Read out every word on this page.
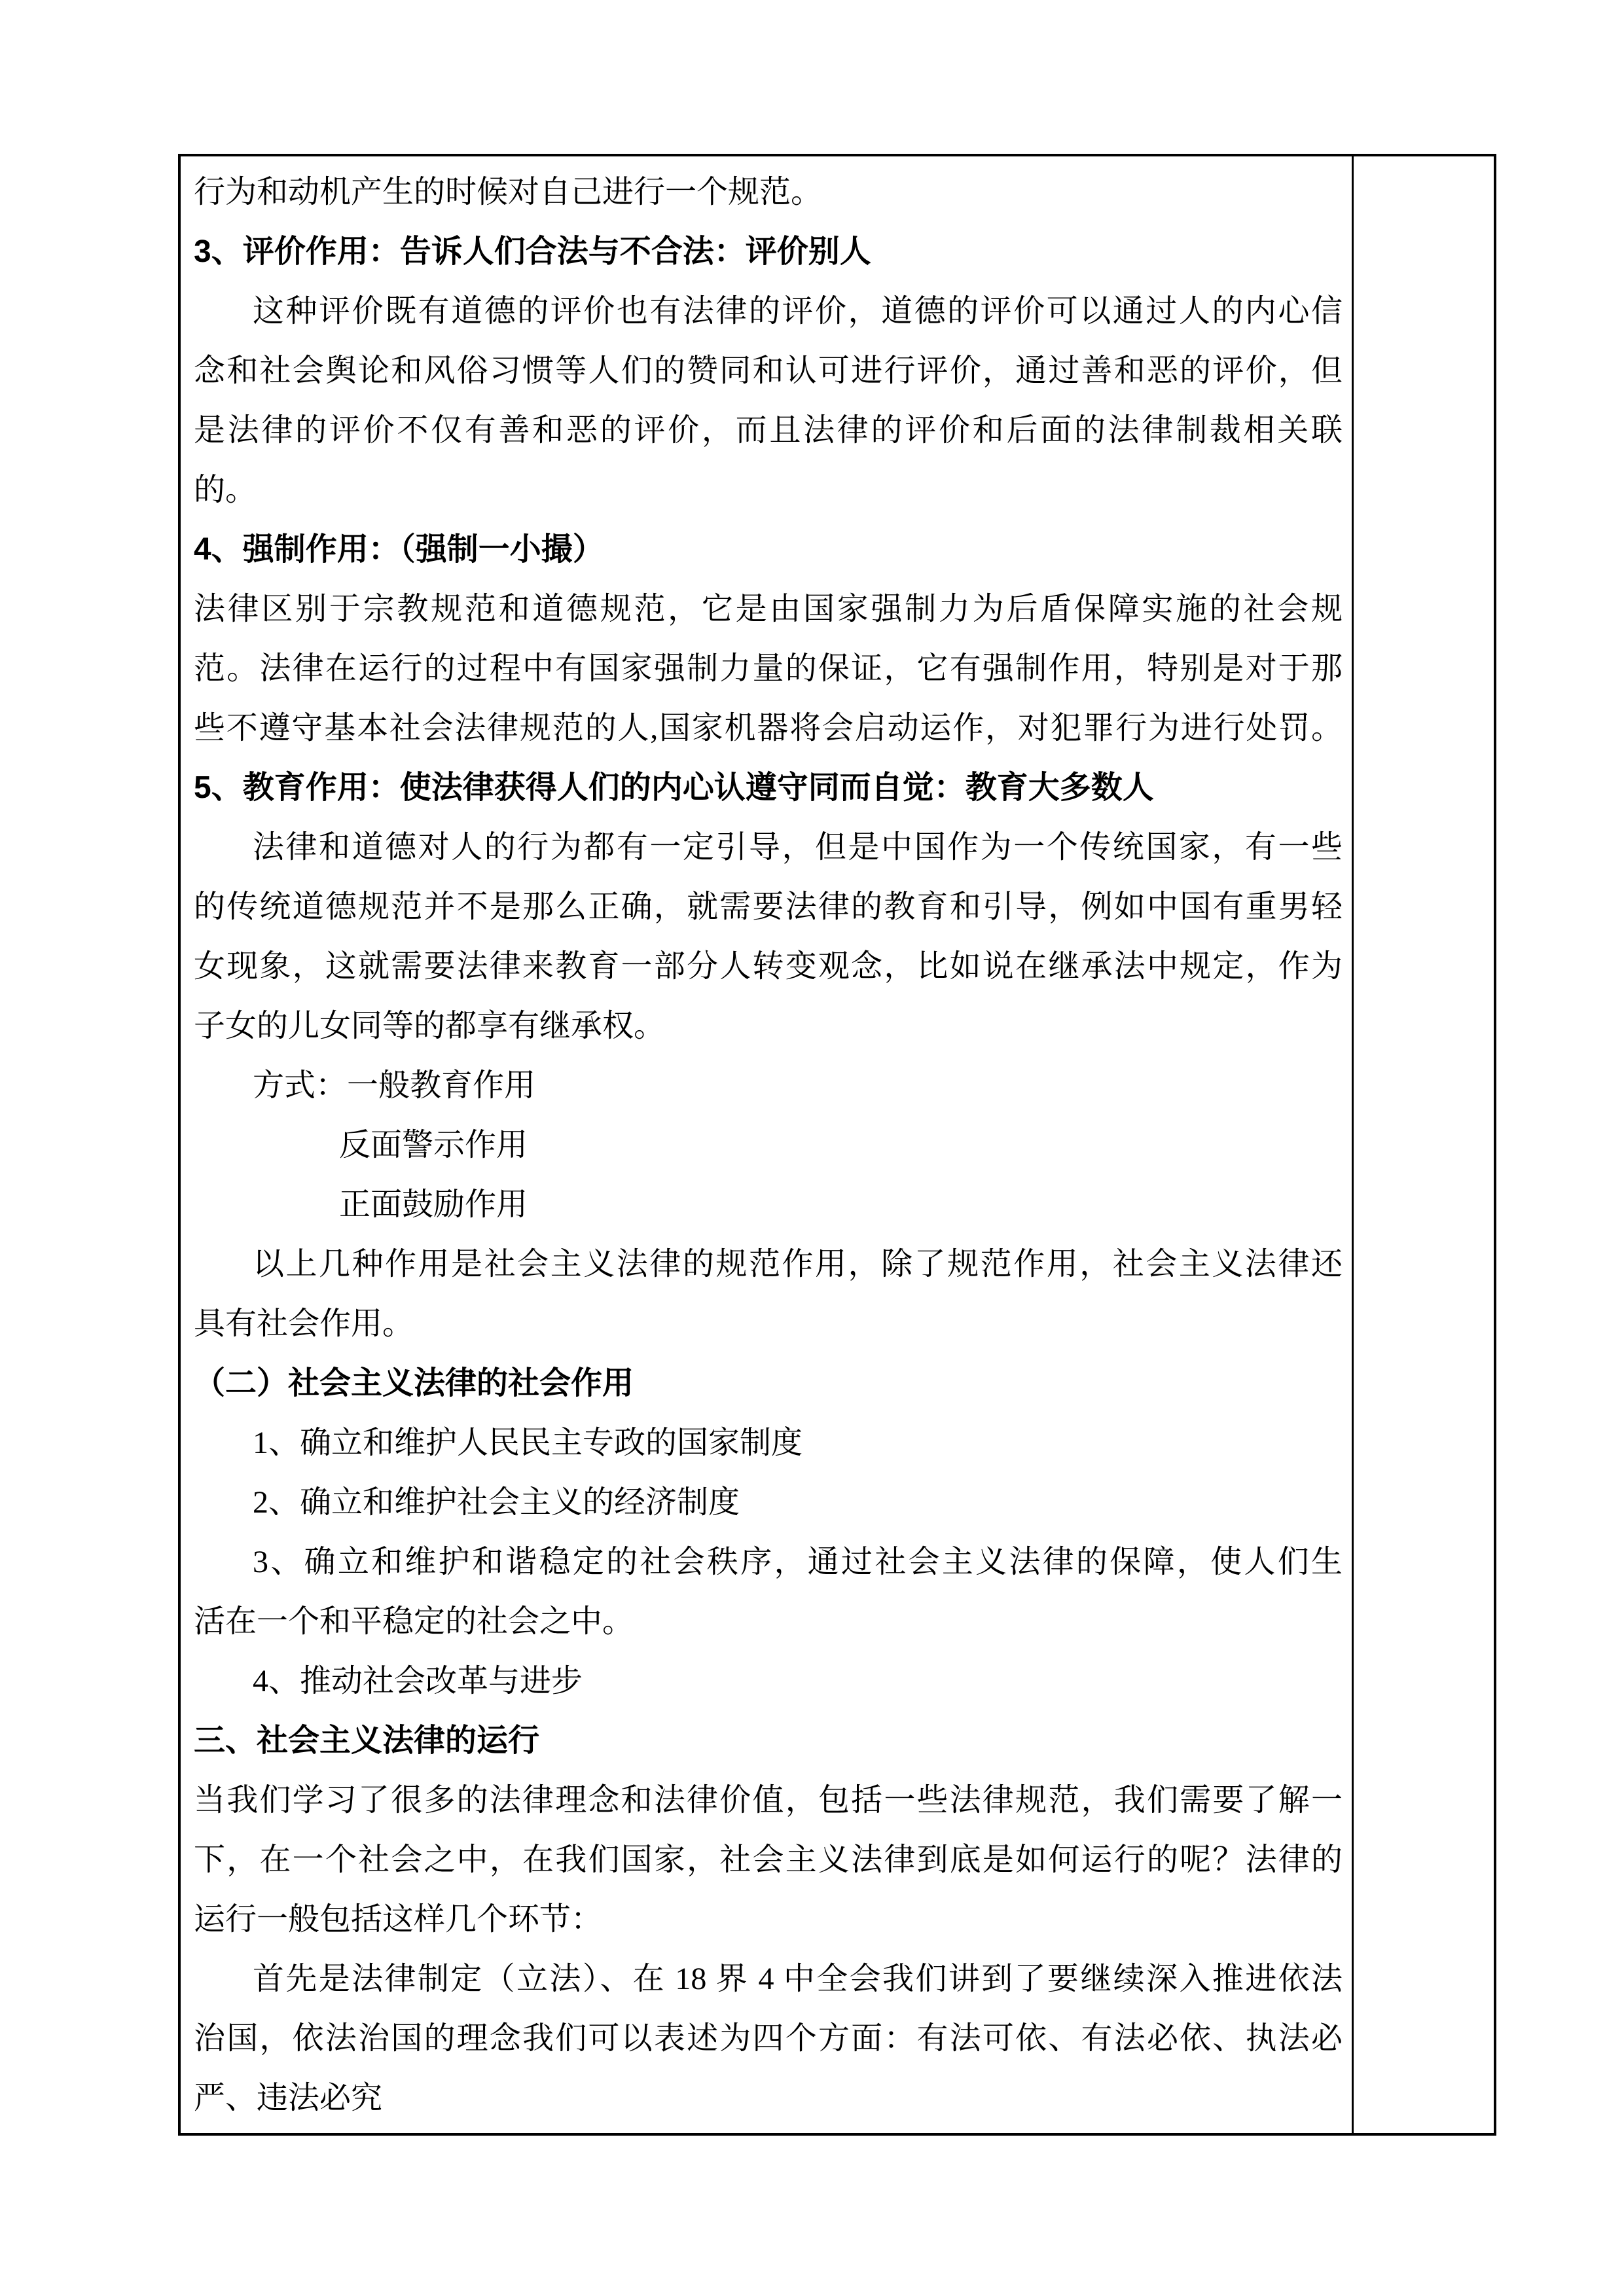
行为和动机产生的时候对自己进行一个规范。
3、评价作用：告诉人们合法与不合法：评价别人
这种评价既有道德的评价也有法律的评价，道德的评价可以通过人的内心信
念和社会舆论和风俗习惯等人们的赞同和认可进行评价，通过善和恶的评价，但
是法律的评价不仅有善和恶的评价，而且法律的评价和后面的法律制裁相关联
的。
4、强制作用：（强制一小撮）
法律区别于宗教规范和道德规范，它是由国家强制力为后盾保障实施的社会规
范。法律在运行的过程中有国家强制力量的保证，它有强制作用，特别是对于那
些不遵守基本社会法律规范的人,国家机器将会启动运作，对犯罪行为进行处罚。
5、教育作用：使法律获得人们的内心认遵守同而自觉：教育大多数人
法律和道德对人的行为都有一定引导，但是中国作为一个传统国家，有一些
的传统道德规范并不是那么正确，就需要法律的教育和引导，例如中国有重男轻
女现象，这就需要法律来教育一部分人转变观念，比如说在继承法中规定，作为
子女的儿女同等的都享有继承权。
方式：一般教育作用
反面警示作用
正面鼓励作用
以上几种作用是社会主义法律的规范作用，除了规范作用，社会主义法律还
具有社会作用。
（二）社会主义法律的社会作用
1、确立和维护人民民主专政的国家制度
2、确立和维护社会主义的经济制度
3、确立和维护和谐稳定的社会秩序，通过社会主义法律的保障，使人们生
活在一个和平稳定的社会之中。
4、推动社会改革与进步
三、社会主义法律的运行
当我们学习了很多的法律理念和法律价值，包括一些法律规范，我们需要了解一
下，在一个社会之中，在我们国家，社会主义法律到底是如何运行的呢？法律的
运行一般包括这样几个环节：
首先是法律制定（立法）、在 18 界 4 中全会我们讲到了要继续深入推进依法
治国，依法治国的理念我们可以表述为四个方面：有法可依、有法必依、执法必
严、违法必究
